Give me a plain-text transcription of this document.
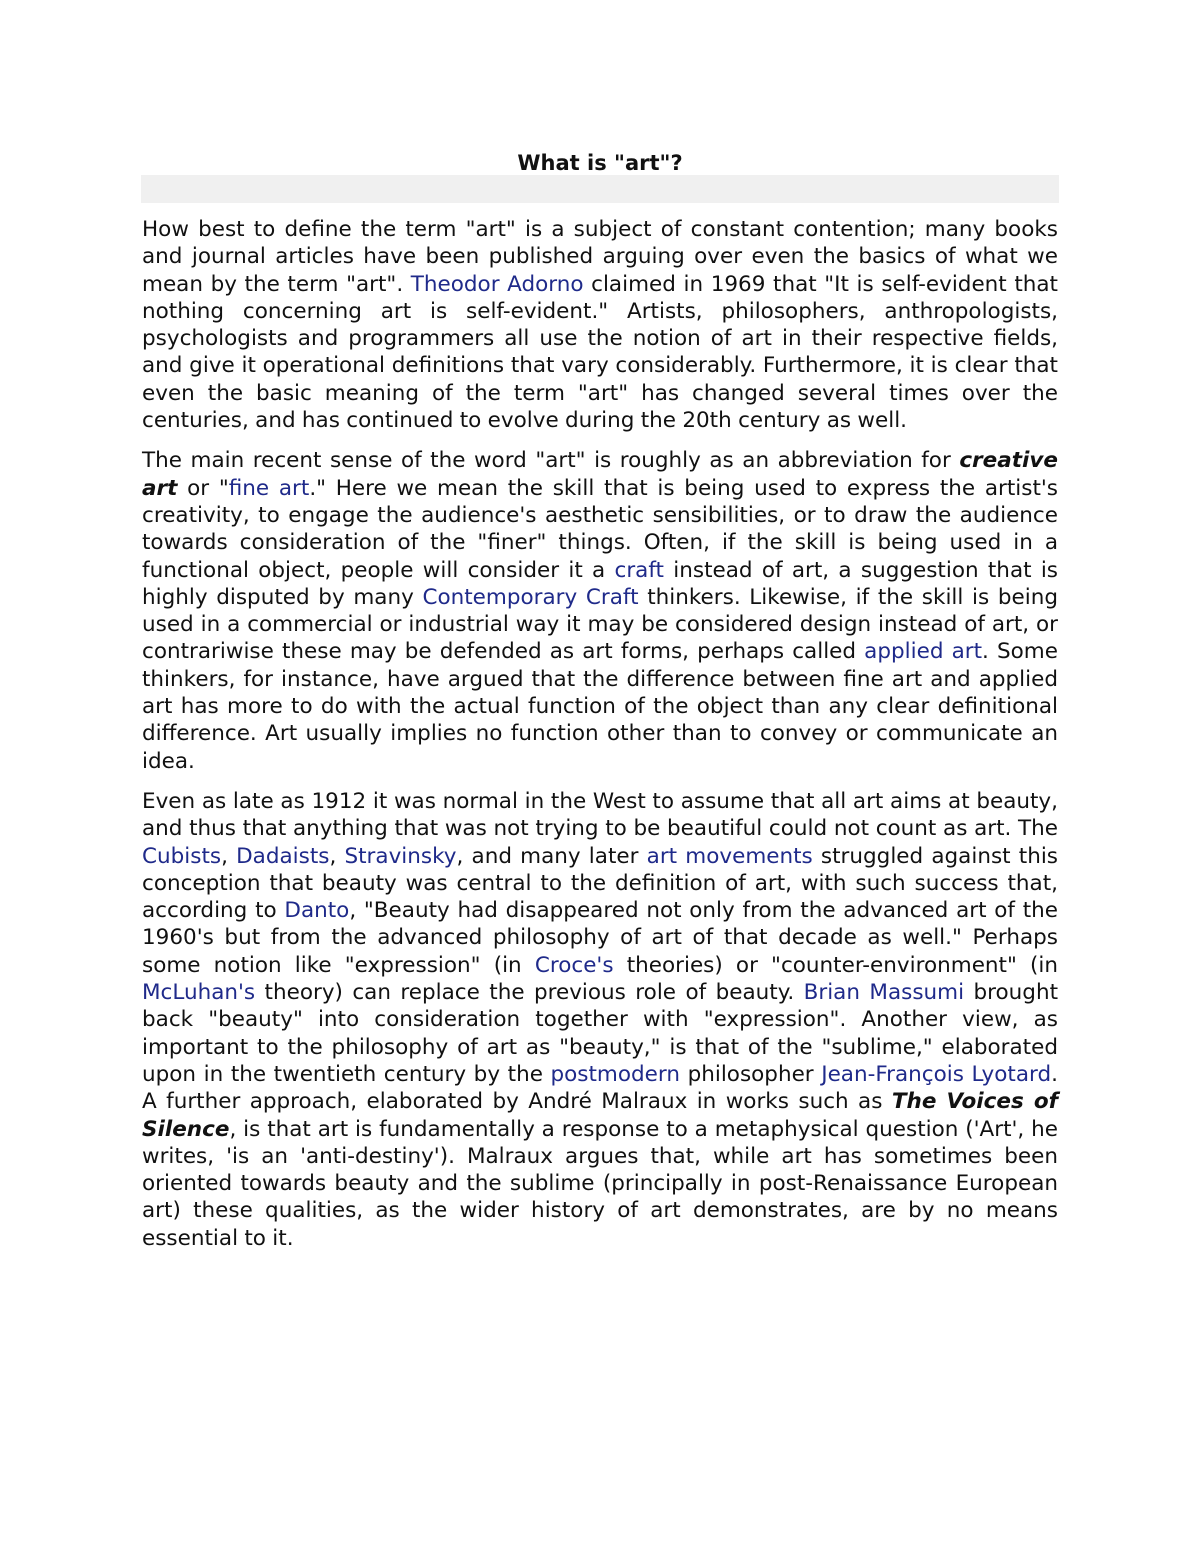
What is "art"?

How best to define the term "art" is a subject of constant contention; many books and journal articles have been published arguing over even the basics of what we mean by the term "art". Theodor Adorno claimed in 1969 that "It is self-evident that nothing concerning art is self-evident." Artists, philosophers, anthropologists, psychologists and programmers all use the notion of art in their respective fields, and give it operational definitions that vary considerably. Furthermore, it is clear that even the basic meaning of the term "art" has changed several times over the centuries, and has continued to evolve during the 20th century as well.

The main recent sense of the word "art" is roughly as an abbreviation for creative art or "fine art." Here we mean the skill that is being used to express the artist's creativity, to engage the audience's aesthetic sensibilities, or to draw the audience towards consideration of the "finer" things. Often, if the skill is being used in a functional object, people will consider it a craft instead of art, a suggestion that is highly disputed by many Contemporary Craft thinkers. Likewise, if the skill is being used in a commercial or industrial way it may be considered design instead of art, or contrariwise these may be defended as art forms, perhaps called applied art. Some thinkers, for instance, have argued that the difference between fine art and applied art has more to do with the actual function of the object than any clear definitional difference. Art usually implies no function other than to convey or communicate an idea.

Even as late as 1912 it was normal in the West to assume that all art aims at beauty, and thus that anything that was not trying to be beautiful could not count as art. The Cubists, Dadaists, Stravinsky, and many later art movements struggled against this conception that beauty was central to the definition of art, with such success that, according to Danto, "Beauty had disappeared not only from the advanced art of the 1960's but from the advanced philosophy of art of that decade as well." Perhaps some notion like "expression" (in Croce's theories) or "counter-environment" (in McLuhan's theory) can replace the previous role of beauty. Brian Massumi brought back "beauty" into consideration together with "expression". Another view, as important to the philosophy of art as "beauty," is that of the "sublime," elaborated upon in the twentieth century by the postmodern philosopher Jean-François Lyotard. A further approach, elaborated by André Malraux in works such as The Voices of Silence, is that art is fundamentally a response to a metaphysical question ('Art', he writes, 'is an 'anti-destiny'). Malraux argues that, while art has sometimes been oriented towards beauty and the sublime (principally in post-Renaissance European art) these qualities, as the wider history of art demonstrates, are by no means essential to it.
